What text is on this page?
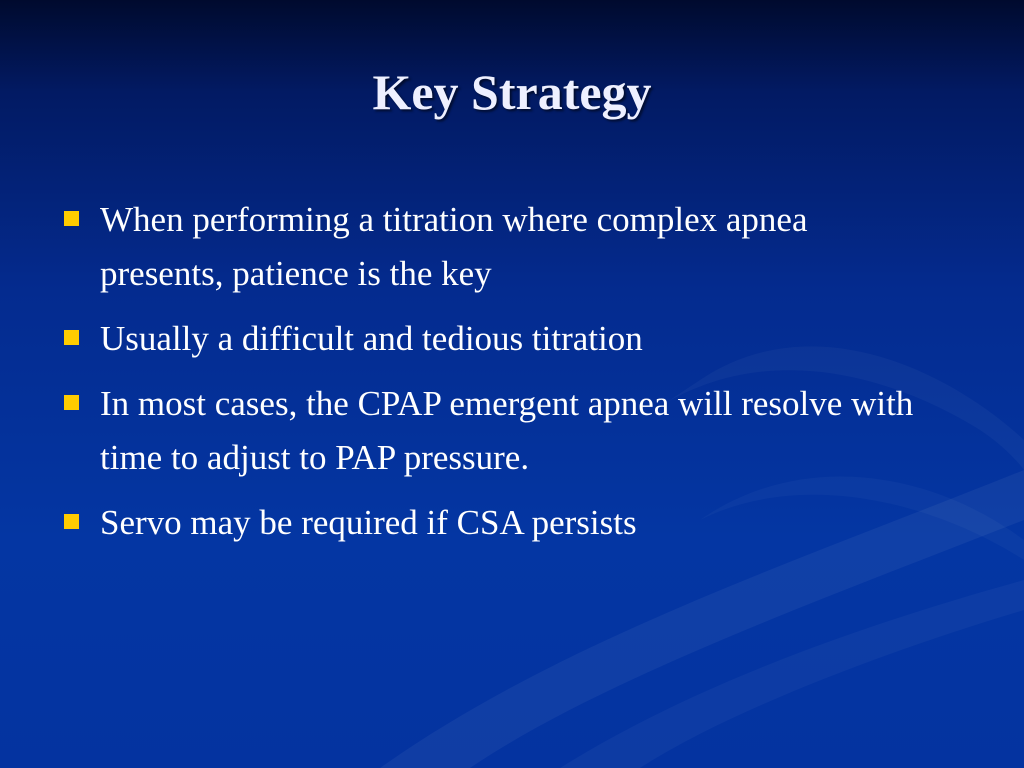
Key Strategy
When performing a titration where complex apnea presents, patience is the key
Usually a difficult and tedious titration
In most cases, the CPAP emergent apnea will resolve with time to adjust to PAP pressure.
Servo may be required if CSA persists
